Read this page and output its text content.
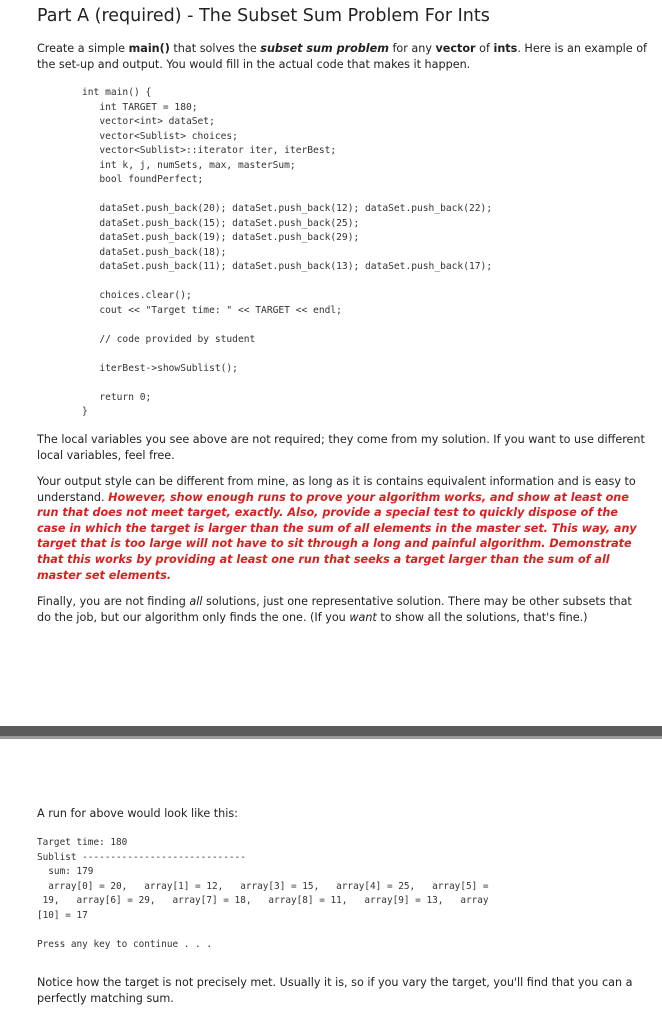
Part A (required) - The Subset Sum Problem For Ints

Create a simple main() that solves the subset sum problem for any vector of ints. Here is an example of the set-up and output. You would fill in the actual code that makes it happen.

int main() {
int TARGET = 180;
vector<int> dataSet;
vector<Sublist> choices;
vector<Sublist>::iterator iter, iterBest;
int k, j, numSets, max, masterSum;
bool foundPerfect;
dataSet.push_back(20); dataSet.push_back(12); dataSet.push_back(22);
dataSet.push_back(15); dataSet.push_back(25);
dataSet.push_back(19); dataSet.push_back(29);
dataSet.push_back(18);
dataSet.push_back(11); dataSet.push_back(13); dataSet.push_back(17);
choices.clear();
cout << "Target time: " << TARGET << endl;
// code provided by student
iterBest->showSublist();
return 0;
}

The local variables you see above are not required; they come from my solution. If you want to use different local variables, feel free.

Your output style can be different from mine, as long as it is contains equivalent information and is easy to understand. However, show enough runs to prove your algorithm works, and show at least one run that does not meet target, exactly. Also, provide a special test to quickly dispose of the case in which the target is larger than the sum of all elements in the master set. This way, any target that is too large will not have to sit through a long and painful algorithm. Demonstrate that this works by providing at least one run that seeks a target larger than the sum of all master set elements.

Finally, you are not finding all solutions, just one representative solution. There may be other subsets that do the job, but our algorithm only finds the one. (If you want to show all the solutions, that's fine.)

A run for above would look like this:

Target time: 180
Sublist -----------------------------
sum: 179
array[0] = 20,   array[1] = 12,   array[3] = 15,   array[4] = 25,   array[5] =
19,   array[6] = 29,   array[7] = 18,   array[8] = 11,   array[9] = 13,   array
[10] = 17
Press any key to continue . . .

Notice how the target is not precisely met. Usually it is, so if you vary the target, you'll find that you can a perfectly matching sum.
